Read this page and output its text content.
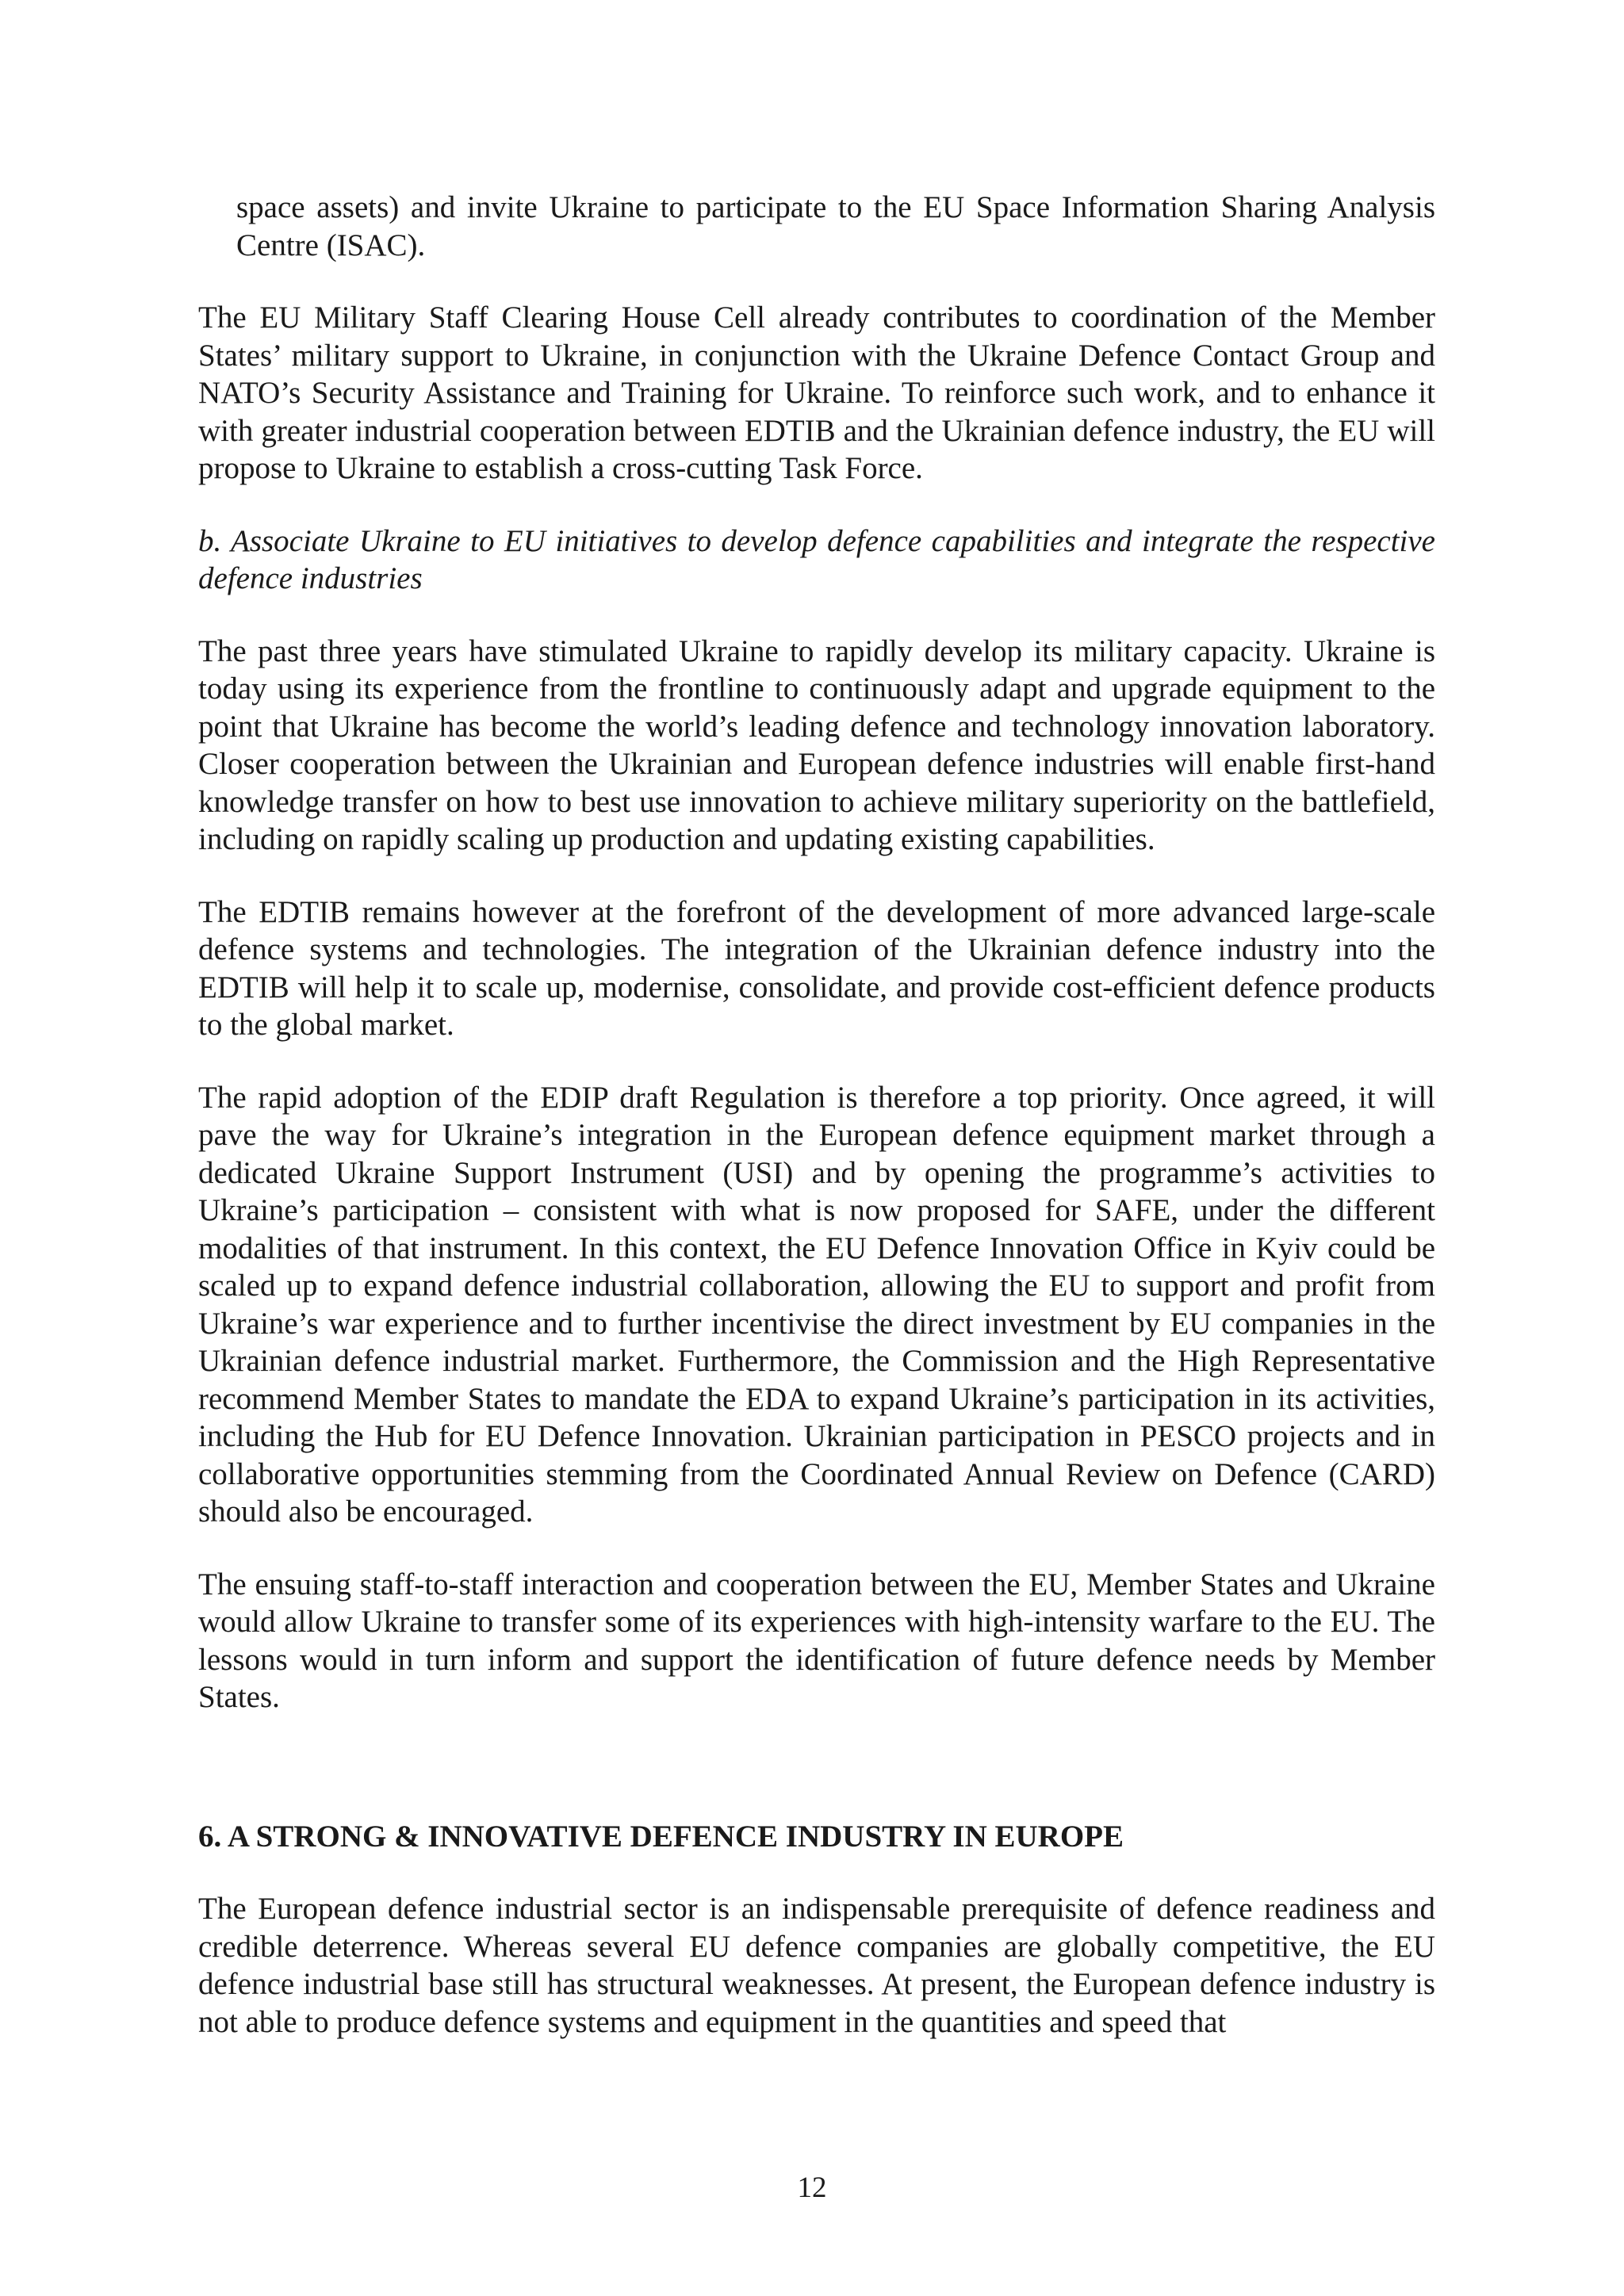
space assets) and invite Ukraine to participate to the EU Space Information Sharing Analysis Centre (ISAC).

The EU Military Staff Clearing House Cell already contributes to coordination of the Member States’ military support to Ukraine, in conjunction with the Ukraine Defence Contact Group and NATO’s Security Assistance and Training for Ukraine. To reinforce such work, and to enhance it with greater industrial cooperation between EDTIB and the Ukrainian defence industry, the EU will propose to Ukraine to establish a cross-cutting Task Force.

b. Associate Ukraine to EU initiatives to develop defence capabilities and integrate the respective defence industries

The past three years have stimulated Ukraine to rapidly develop its military capacity. Ukraine is today using its experience from the frontline to continuously adapt and upgrade equipment to the point that Ukraine has become the world’s leading defence and technology innovation laboratory. Closer cooperation between the Ukrainian and European defence industries will enable first-hand knowledge transfer on how to best use innovation to achieve military superiority on the battlefield, including on rapidly scaling up production and updating existing capabilities.

The EDTIB remains however at the forefront of the development of more advanced large-scale defence systems and technologies. The integration of the Ukrainian defence industry into the EDTIB will help it to scale up, modernise, consolidate, and provide cost-efficient defence products to the global market.

The rapid adoption of the EDIP draft Regulation is therefore a top priority. Once agreed, it will pave the way for Ukraine’s integration in the European defence equipment market through a dedicated Ukraine Support Instrument (USI) and by opening the programme’s activities to Ukraine’s participation – consistent with what is now proposed for SAFE, under the different modalities of that instrument. In this context, the EU Defence Innovation Office in Kyiv could be scaled up to expand defence industrial collaboration, allowing the EU to support and profit from Ukraine’s war experience and to further incentivise the direct investment by EU companies in the Ukrainian defence industrial market. Furthermore, the Commission and the High Representative recommend Member States to mandate the EDA to expand Ukraine’s participation in its activities, including the Hub for EU Defence Innovation. Ukrainian participation in PESCO projects and in collaborative opportunities stemming from the Coordinated Annual Review on Defence (CARD) should also be encouraged.

The ensuing staff-to-staff interaction and cooperation between the EU, Member States and Ukraine would allow Ukraine to transfer some of its experiences with high-intensity warfare to the EU. The lessons would in turn inform and support the identification of future defence needs by Member States.

6. A STRONG & INNOVATIVE DEFENCE INDUSTRY IN EUROPE

The European defence industrial sector is an indispensable prerequisite of defence readiness and credible deterrence. Whereas several EU defence companies are globally competitive, the EU defence industrial base still has structural weaknesses. At present, the European defence industry is not able to produce defence systems and equipment in the quantities and speed that

12
